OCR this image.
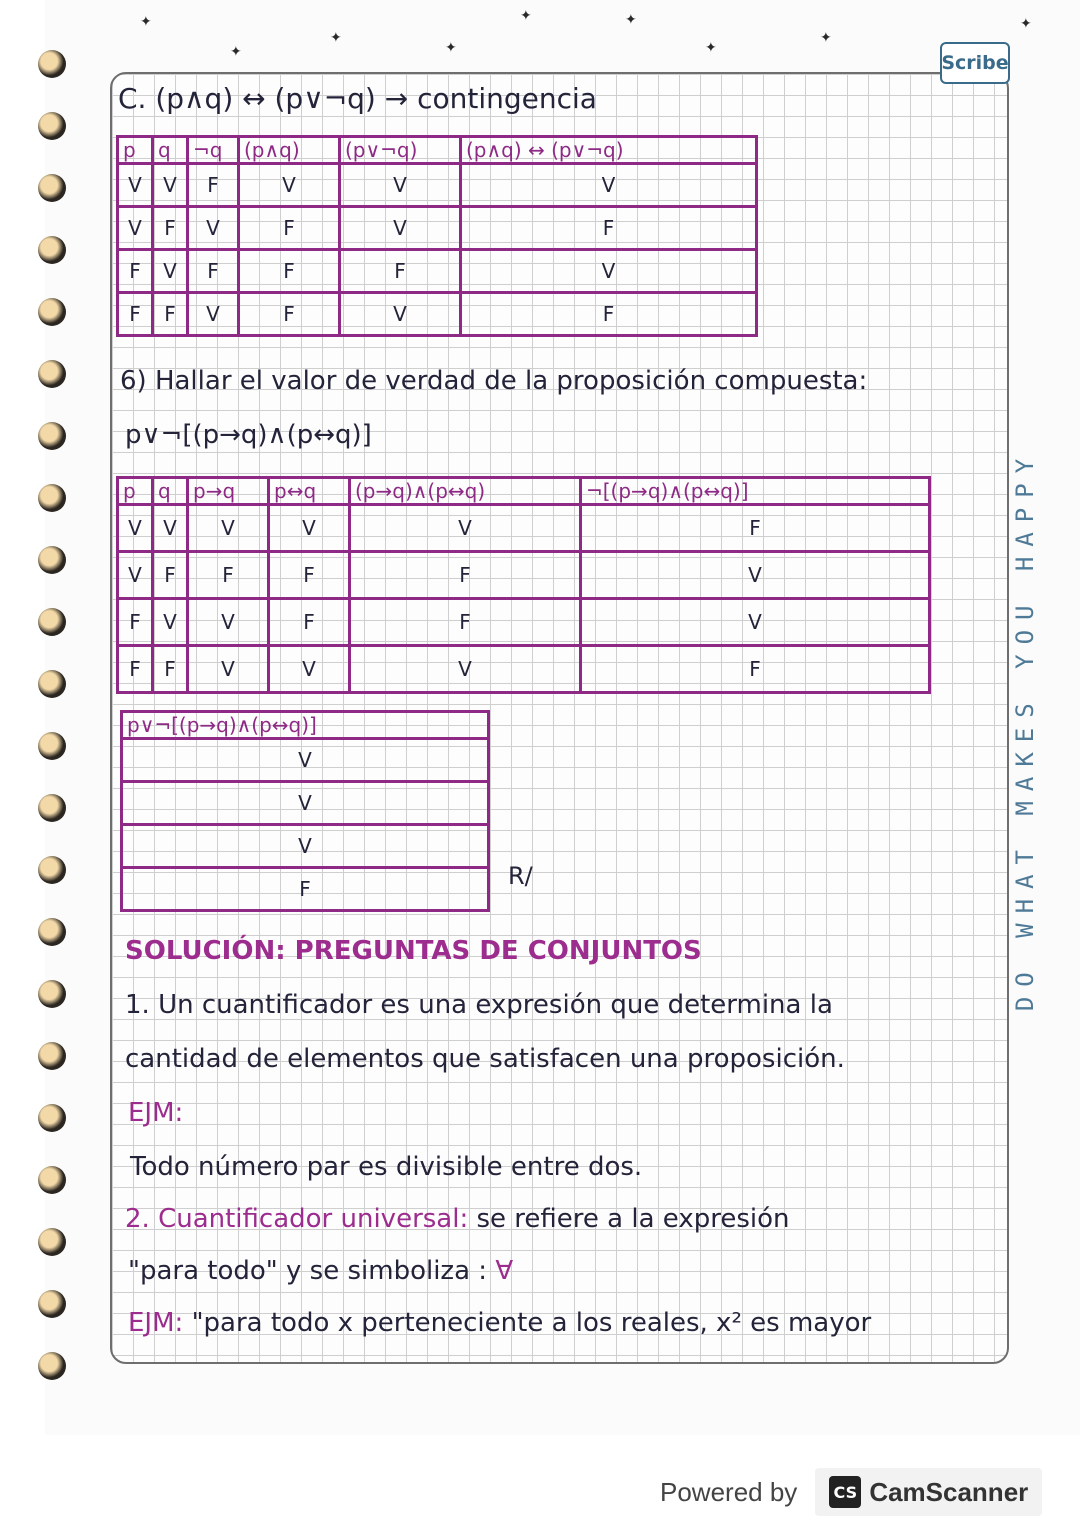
✦
✦
✦
✦
✦	✦
✦
✦
✦
Scribe
DO WHAT MAKES YOU HAPPY
C. (p∧q) ↔ (p∨¬q) → contingencia
p	q	¬q	(p∧q)	(p∨¬q)	(p∧q) ↔ (p∨¬q)
V	V	F	V	V	V
V	F	V	F	V	F
F	V	F	F	F	V
F	F	V	F	V	F
6) Hallar el valor de verdad de la proposición compuesta:
p∨¬[(p→q)∧(p↔q)]
p	q	p→q	p↔q	(p→q)∧(p↔q)	¬[(p→q)∧(p↔q)]
V	V	V	V	V	F
V	F	F	F	F	V
F	V	V	F	F	V
F	F	V	V	V	F
p∨¬[(p→q)∧(p↔q)]
V
V
V
F	R/
SOLUCIÓN: PREGUNTAS DE CONJUNTOS
1. Un cuantificador es una expresión que determina la
cantidad de elementos que satisfacen una proposición.
EJM:
Todo número par es divisible entre dos.
2. Cuantificador universal: se refiere a la expresión
"para todo" y se simboliza : ∀
EJM: "para todo x perteneciente a los reales, x² es mayor
Powered by CS CamScanner
